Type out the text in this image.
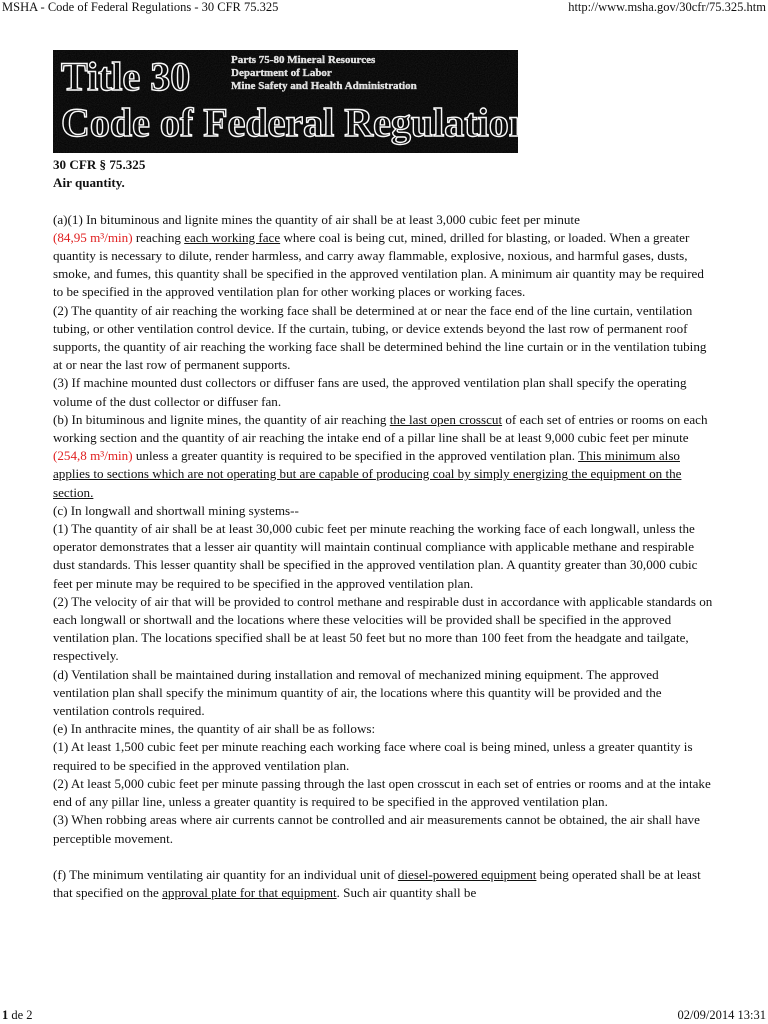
MSHA - Code of Federal Regulations - 30 CFR 75.325	http://www.msha.gov/30cfr/75.325.htm

30 CFR § 75.325

Air quantity.

(a)(1) In bituminous and lignite mines the quantity of air shall be at least 3,000 cubic feet per minute
(84,95 m³/min) reaching each working face where coal is being cut, mined, drilled for blasting, or loaded. When a greater quantity is necessary to dilute, render harmless, and carry away flammable, explosive, noxious, and harmful gases, dusts, smoke, and fumes, this quantity shall be specified in the approved ventilation plan. A minimum air quantity may be required to be specified in the approved ventilation plan for other working places or working faces.

(2) The quantity of air reaching the working face shall be determined at or near the face end of the line curtain, ventilation tubing, or other ventilation control device. If the curtain, tubing, or device extends beyond the last row of permanent roof supports, the quantity of air reaching the working face shall be determined behind the line curtain or in the ventilation tubing at or near the last row of permanent supports.

(3) If machine mounted dust collectors or diffuser fans are used, the approved ventilation plan shall specify the operating volume of the dust collector or diffuser fan.

(b) In bituminous and lignite mines, the quantity of air reaching the last open crosscut of each set of entries or rooms on each working section and the quantity of air reaching the intake end of a pillar line shall be at least 9,000 cubic feet per minute (254,8 m³/min) unless a greater quantity is required to be specified in the approved ventilation plan. This minimum also applies to sections which are not operating but are capable of producing coal by simply energizing the equipment on the section.

(c) In longwall and shortwall mining systems--

(1) The quantity of air shall be at least 30,000 cubic feet per minute reaching the working face of each longwall, unless the operator demonstrates that a lesser air quantity will maintain continual compliance with applicable methane and respirable dust standards. This lesser quantity shall be specified in the approved ventilation plan. A quantity greater than 30,000 cubic feet per minute may be required to be specified in the approved ventilation plan.

(2) The velocity of air that will be provided to control methane and respirable dust in accordance with applicable standards on each longwall or shortwall and the locations where these velocities will be provided shall be specified in the approved ventilation plan. The locations specified shall be at least 50 feet but no more than 100 feet from the headgate and tailgate, respectively.

(d) Ventilation shall be maintained during installation and removal of mechanized mining equipment. The approved ventilation plan shall specify the minimum quantity of air, the locations where this quantity will be provided and the ventilation controls required.

(e) In anthracite mines, the quantity of air shall be as follows:

(1) At least 1,500 cubic feet per minute reaching each working face where coal is being mined, unless a greater quantity is required to be specified in the approved ventilation plan.

(2) At least 5,000 cubic feet per minute passing through the last open crosscut in each set of entries or rooms and at the intake end of any pillar line, unless a greater quantity is required to be specified in the approved ventilation plan.

(3) When robbing areas where air currents cannot be controlled and air measurements cannot be obtained, the air shall have perceptible movement.

(f) The minimum ventilating air quantity for an individual unit of diesel-powered equipment being operated shall be at least that specified on the approval plate for that equipment. Such air quantity shall be

1 de 2	02/09/2014 13:31
